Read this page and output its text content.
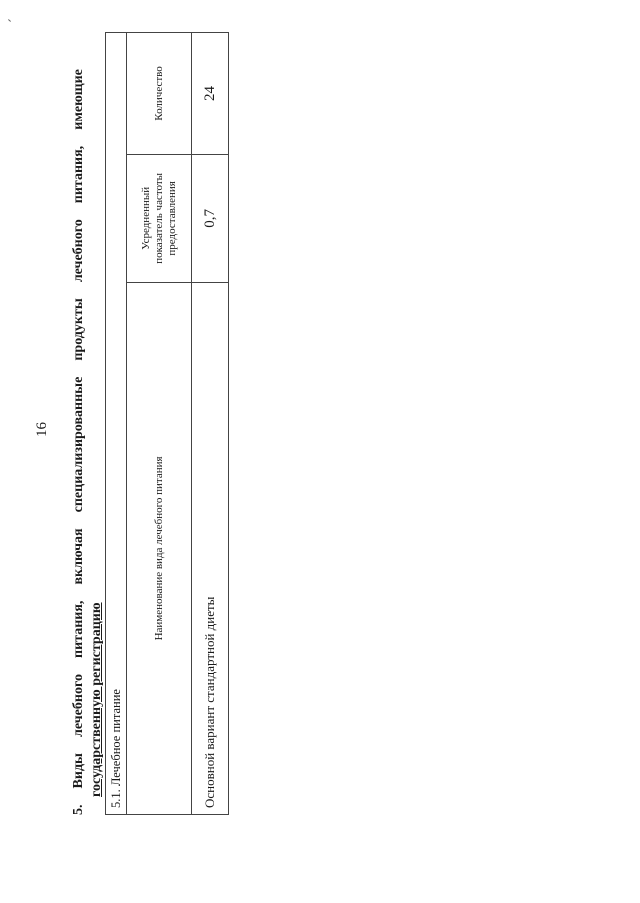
16
5.
Виды
лечебного
питания,
включая
специализированные
продукты
лечебного
питания,
имеющие
государственную регистрацию 5.1. Лечебное питание		
Наименование вида лечебного питания	Усредненный показатель частоты предоставления	Количество
Основной вариант стандартной диеты	0,7	24
